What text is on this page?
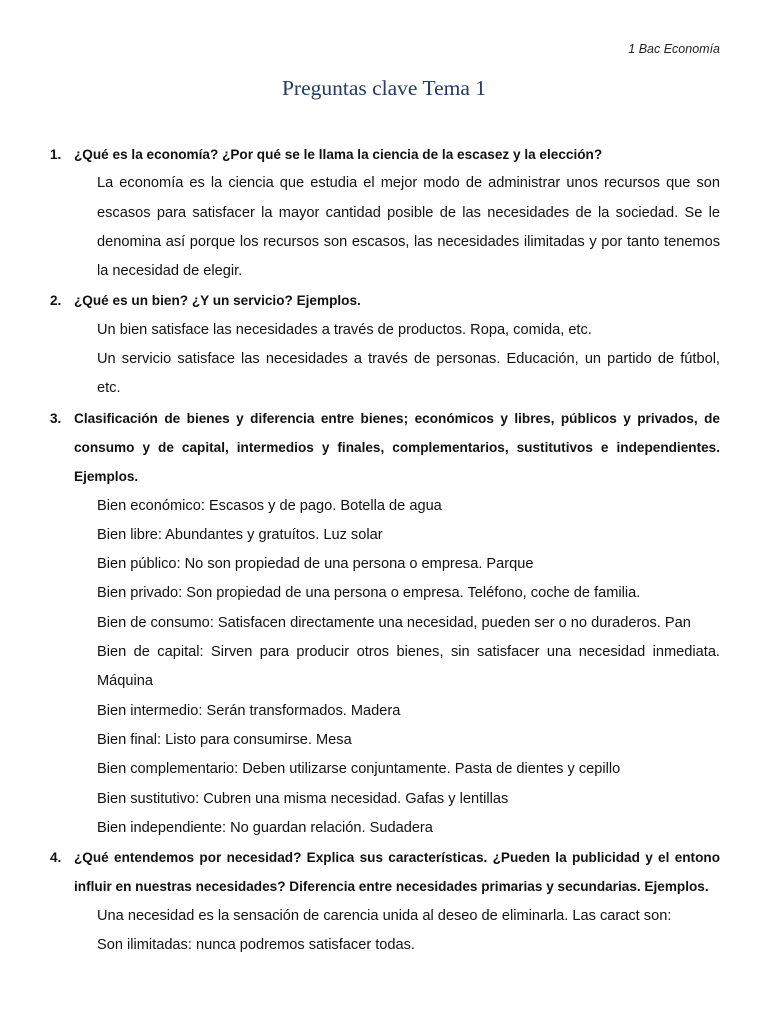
1 Bac Economía
Preguntas clave Tema 1
1. ¿Qué es la economía? ¿Por qué se le llama la ciencia de la escasez y la elección?

La economía es la ciencia que estudia el mejor modo de administrar unos recursos que son escasos para satisfacer la mayor cantidad posible de las necesidades de la sociedad. Se le denomina así porque los recursos son escasos, las necesidades ilimitadas y por tanto tenemos la necesidad de elegir.

2. ¿Qué es un bien? ¿Y un servicio? Ejemplos.

Un bien satisface las necesidades a través de productos. Ropa, comida, etc.

Un servicio satisface las necesidades a través de personas. Educación, un partido de fútbol, etc.

3. Clasificación de bienes y diferencia entre bienes; económicos y libres, públicos y privados, de consumo y de capital, intermedios y finales, complementarios, sustitutivos e independientes. Ejemplos.

Bien económico: Escasos y de pago. Botella de agua

Bien libre: Abundantes y gratuítos. Luz solar

Bien público: No son propiedad de una persona o empresa. Parque

Bien privado: Son propiedad de una persona o empresa. Teléfono, coche de familia.

Bien de consumo: Satisfacen directamente una necesidad, pueden ser o no duraderos. Pan

Bien de capital: Sirven para producir otros bienes, sin satisfacer una necesidad inmediata. Máquina

Bien intermedio: Serán transformados. Madera

Bien final: Listo para consumirse. Mesa

Bien complementario: Deben utilizarse conjuntamente. Pasta de dientes y cepillo

Bien sustitutivo: Cubren una misma necesidad. Gafas y lentillas

Bien independiente: No guardan relación. Sudadera

4. ¿Qué entendemos por necesidad? Explica sus características. ¿Pueden la publicidad y el entono influir en nuestras necesidades? Diferencia entre necesidades primarias y secundarias. Ejemplos.

Una necesidad es la sensación de carencia unida al deseo de eliminarla. Las caract son:

Son ilimitadas: nunca podremos satisfacer todas.
